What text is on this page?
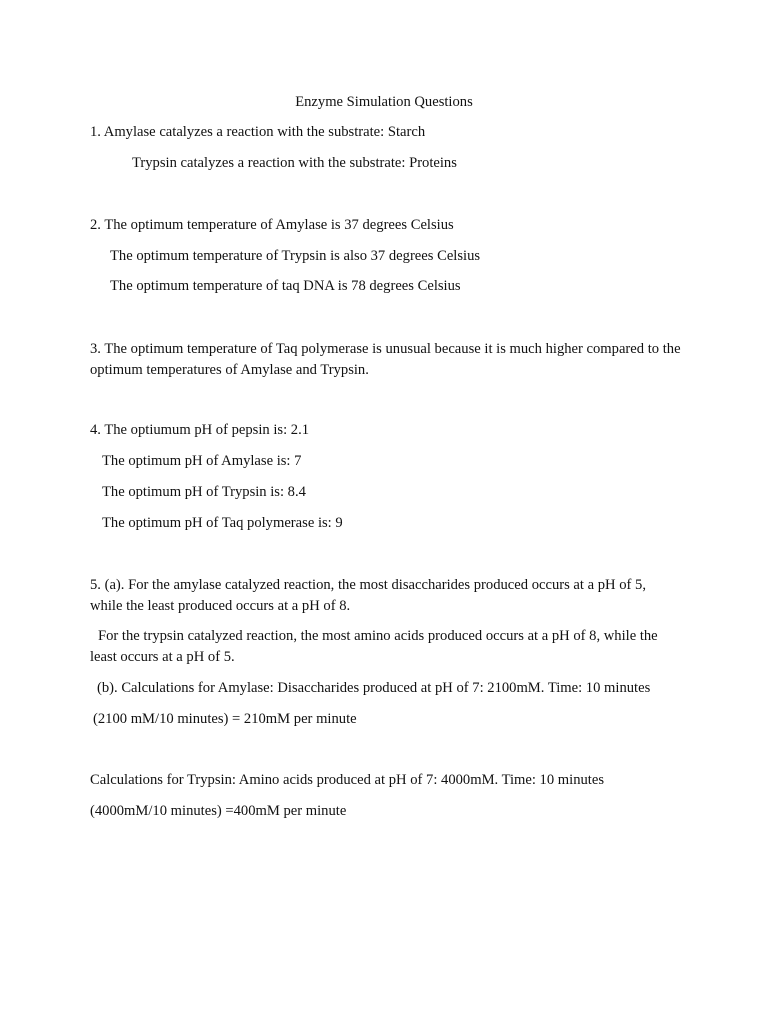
Enzyme Simulation Questions
1. Amylase catalyzes a reaction with the substrate: Starch
Trypsin catalyzes a reaction with the substrate: Proteins
2. The optimum temperature of Amylase is 37 degrees Celsius
The optimum temperature of Trypsin is also 37 degrees Celsius
The optimum temperature of taq DNA is 78 degrees Celsius
3. The optimum temperature of Taq polymerase is unusual because it is much higher compared to the optimum temperatures of Amylase and Trypsin.
4. The optiumum pH of pepsin is: 2.1
The optimum pH of Amylase is: 7
The optimum pH of Trypsin is: 8.4
The optimum pH of Taq polymerase is: 9
5. (a). For the amylase catalyzed reaction, the most disaccharides produced occurs at a pH of 5, while the least produced occurs at a pH of 8.
For the trypsin catalyzed reaction, the most amino acids produced occurs at a pH of 8, while the least occurs at a pH of 5.
(b). Calculations for Amylase: Disaccharides produced at pH of 7: 2100mM. Time: 10 minutes
(2100 mM/10 minutes) = 210mM per minute
Calculations for Trypsin: Amino acids produced at pH of 7: 4000mM. Time: 10 minutes
(4000mM/10 minutes) =400mM per minute
